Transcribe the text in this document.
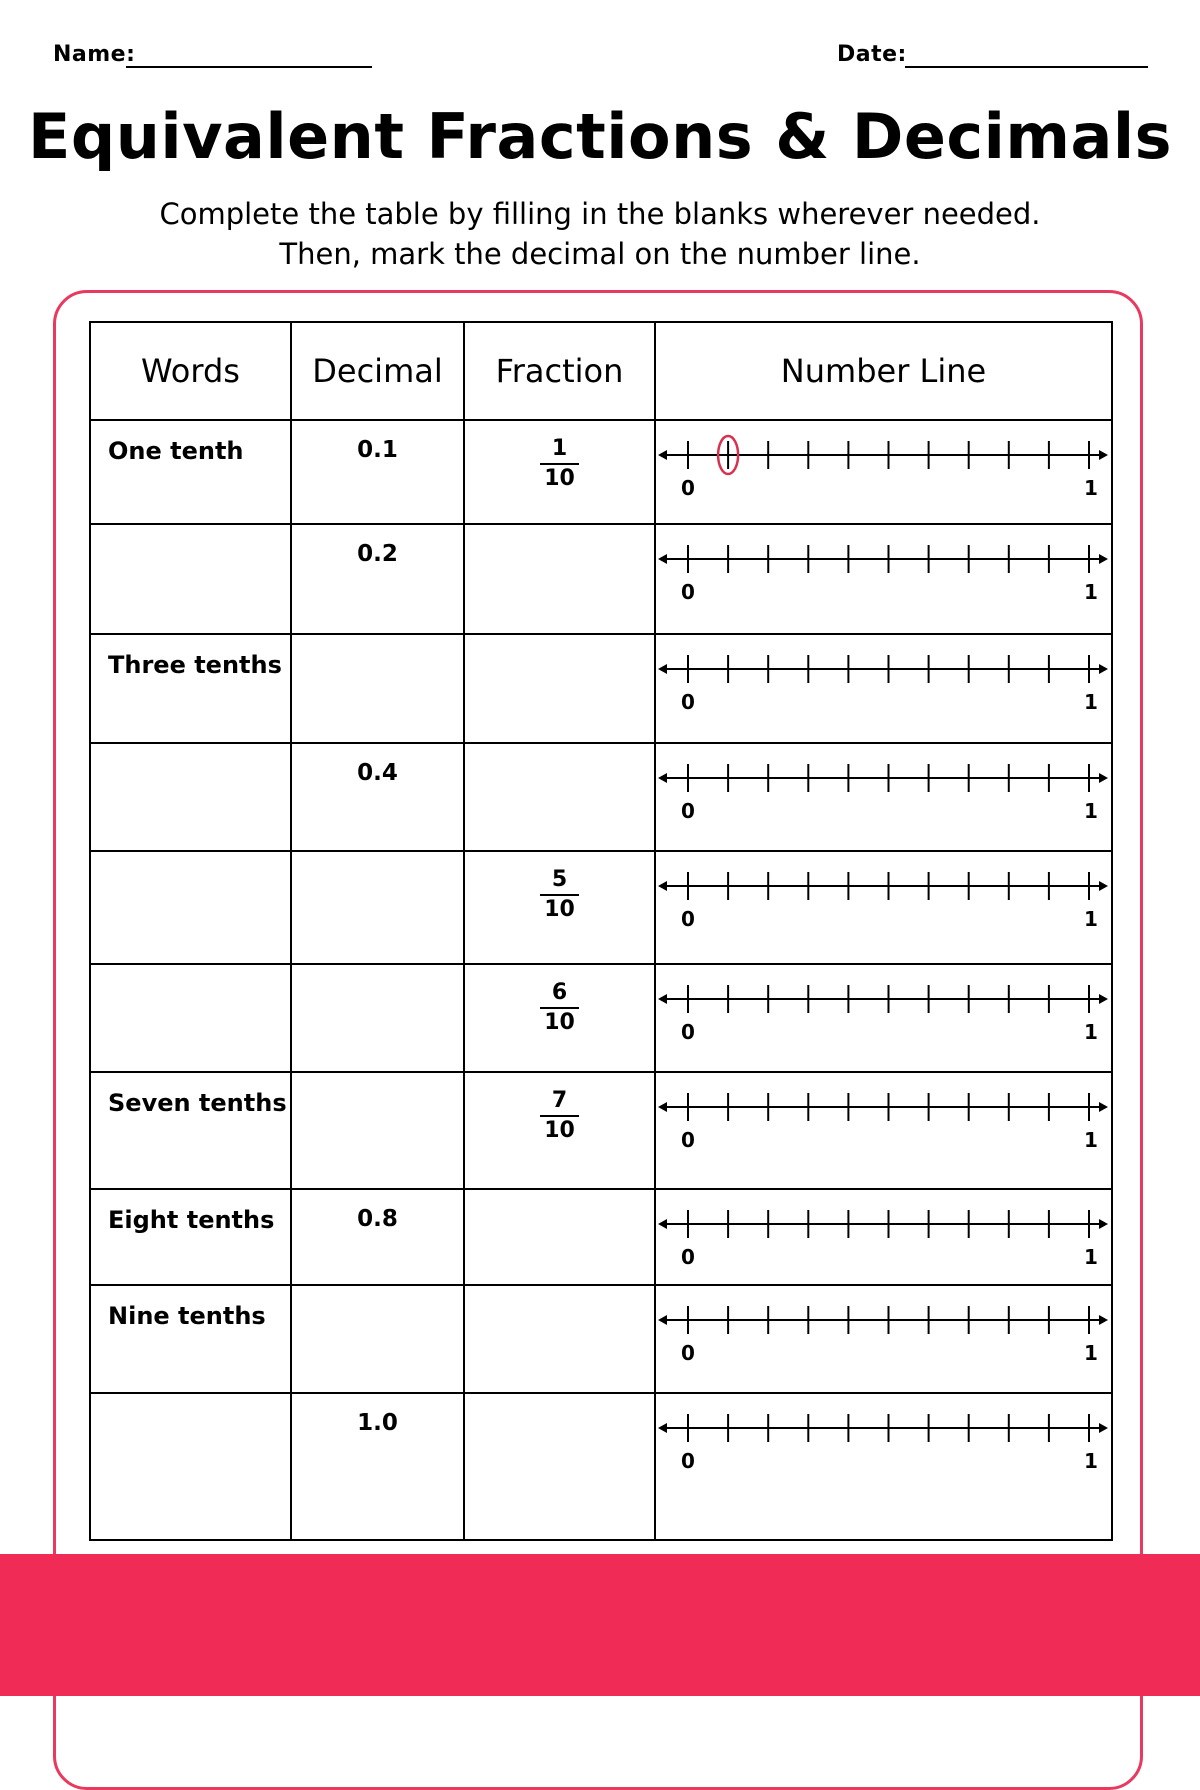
Name:	Date:
Equivalent Fractions & Decimals
Complete the table by filling in the blanks wherever needed.
Then, mark the decimal on the number line.
Words	Decimal	Fraction	Number Line
One tenth	0.1	$\frac{1}{10}$	0 1

	0.2		0 1

Three tenths			0 1

	0.4		0 1

		$\frac{5}{10}$	0 1

		$\frac{6}{10}$	0 1

Seven tenths		$\frac{7}{10}$	0 1

Eight tenths	0.8		0 1

Nine tenths			0 1

	1.0		0 1
